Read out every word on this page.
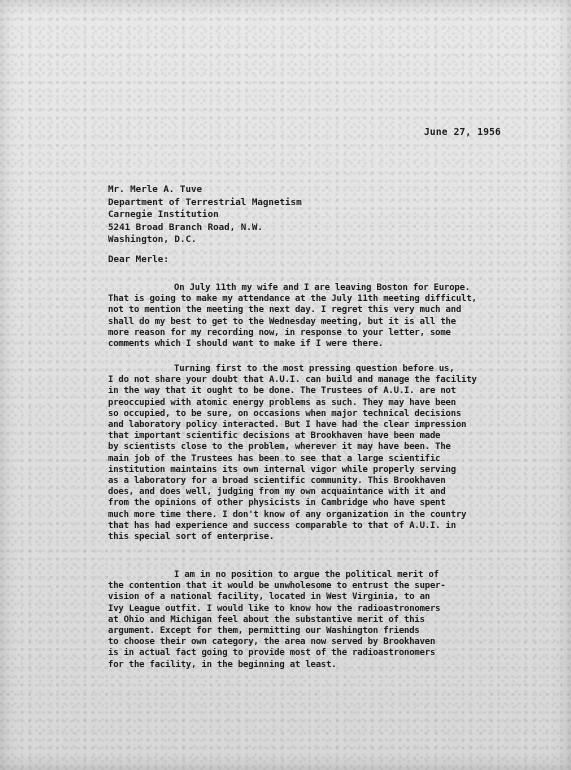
June 27, 1956
Mr. Merle A. Tuve
Department of Terrestrial Magnetism
Carnegie Institution
5241 Broad Branch Road, N.W.
Washington, D.C.
Dear Merle:
On July 11th my wife and I are leaving Boston for Europe.
That is going to make my attendance at the July 11th meeting difficult,
not to mention the meeting the next day. I regret this very much and
shall do my best to get to the Wednesday meeting, but it is all the
more reason for my recording now, in response to your letter, some
comments which I should want to make if I were there.
Turning first to the most pressing question before us,
I do not share your doubt that A.U.I. can build and manage the facility
in the way that it ought to be done. The Trustees of A.U.I. are not
preoccupied with atomic energy problems as such. They may have been
so occupied, to be sure, on occasions when major technical decisions
and laboratory policy interacted. But I have had the clear impression
that important scientific decisions at Brookhaven have been made
by scientists close to the problem, wherever it may have been. The
main job of the Trustees has been to see that a large scientific
institution maintains its own internal vigor while properly serving
as a laboratory for a broad scientific community. This Brookhaven
does, and does well, judging from my own acquaintance with it and
from the opinions of other physicists in Cambridge who have spent
much more time there. I don't know of any organization in the country
that has had experience and success comparable to that of A.U.I. in
this special sort of enterprise.
I am in no position to argue the political merit of
the contention that it would be unwholesome to entrust the super-
vision of a national facility, located in West Virginia, to an
Ivy League outfit. I would like to know how the radioastronomers
at Ohio and Michigan feel about the substantive merit of this
argument. Except for them, permitting our Washington friends
to choose their own category, the area now served by Brookhaven
is in actual fact going to provide most of the radioastronomers
for the facility, in the beginning at least.
